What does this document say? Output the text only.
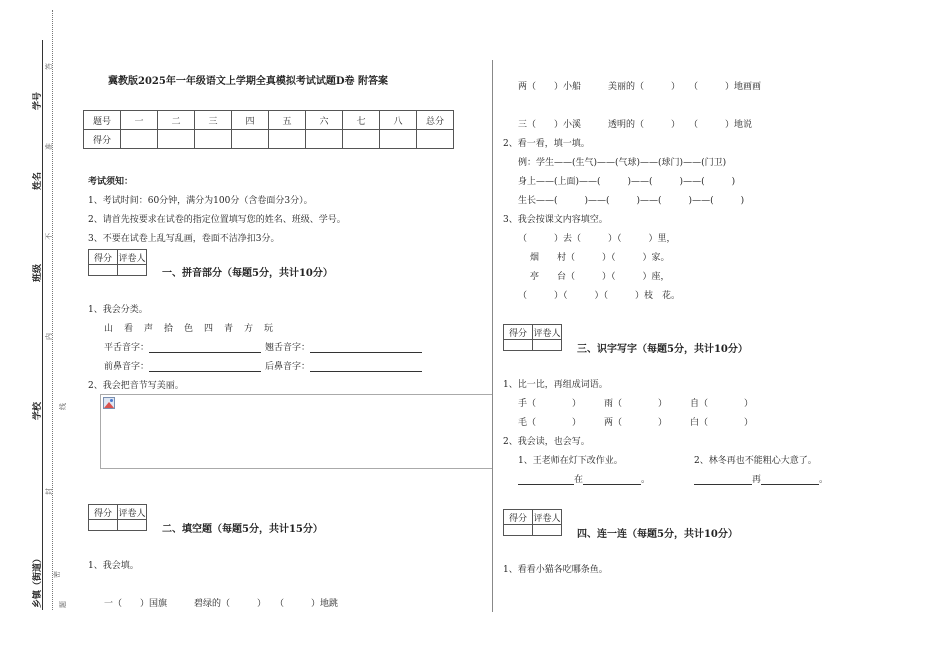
学号
姓名
班级
学校
乡镇（街道）
答
准
不
内
线
封
密
题
冀教版2025年一年级语文上学期全真模拟考试试题D卷 附答案
题号	一	二	三	四	五	六	七	八	总分
得分									
考试须知：
1、考试时间：60分钟，满分为100分（含卷面分3分）。
2、请首先按要求在试卷的指定位置填写您的姓名、班级、学号。
3、不要在试卷上乱写乱画，卷面不洁净扣3分。
得分	评卷人

一、拼音部分（每题5分，共计10分）
1、我会分类。
山　看　声　拾　色　四　青　方　玩
平舌音字：	翘舌音字：
前鼻音字：	后鼻音字：
2、我会把音节写美丽。
得分	评卷人

二、填空题（每题5分，共计15分）
1、我会填。
一（　　）国旗　　　碧绿的（　　　）　　（　　　）地跳
两（　　）小船　　　美丽的（　　　）　　（　　　）地画画
三（　　）小溪　　　透明的（　　　）　　（　　　）地说
2、看一看，填一填。
例：学生——(生气)——(气球)——(球门)——(门卫)
身上——(上面)——(　　　)——(　　　)——(　　　)
生长——(　　　)——(　　　)——(　　　)——(　　　)
3、我会按课文内容填空。
（　　　）去（　　　）（　　　）里，
烟　　村（　　　）（　　　）家。
亭　　台（　　　）（　　　）座，
（　　　）（　　　）（　　　）枝　花。
得分	评卷人

三、识字写字（每题5分，共计10分）
1、比一比，再组成词语。
手（　　　　）	雨（　　　　）	自（　　　　）
毛（　　　　）	两（　　　　）	白（　　　　）
2、我会读，也会写。
1、王老师在灯下改作业。	2、林冬再也不能粗心大意了。
在	。	再	。
得分	评卷人

四、连一连（每题5分，共计10分）
1、看看小猫各吃哪条鱼。
